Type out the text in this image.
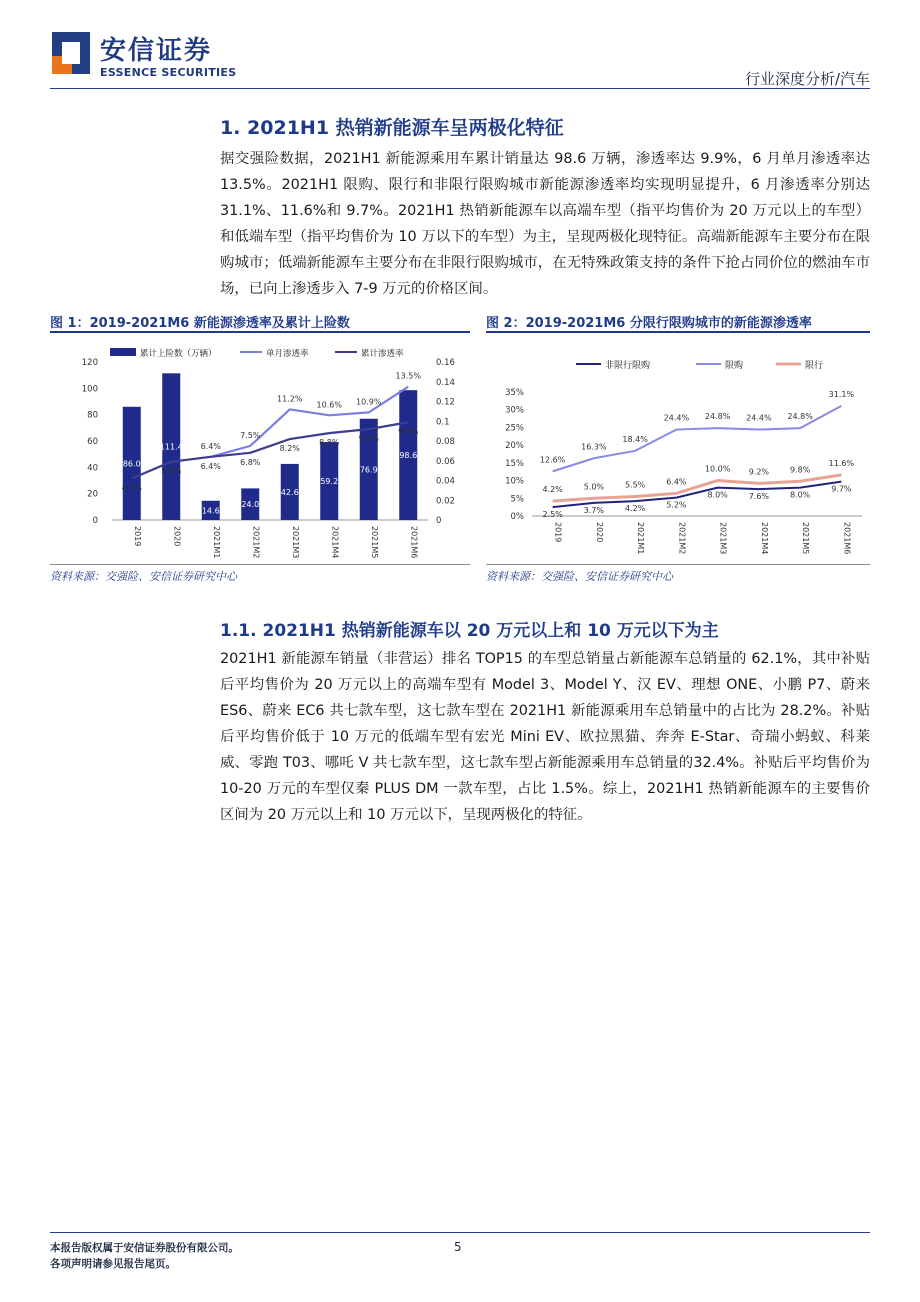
安信证券
ESSENCE SECURITIES	行业深度分析/汽车
1. 2021H1 热销新能源车呈两极化特征

据交强险数据，2021H1 新能源乘用车累计销量达 98.6 万辆，渗透率达 9.9%，6 月单月渗透率达 13.5%。2021H1 限购、限行和非限行限购城市新能源渗透率均实现明显提升，6 月渗透率分别达 31.1%、11.6%和 9.7%。2021H1 热销新能源车以高端车型（指平均售价为 20 万元以上的车型）和低端车型（指平均售价为 10 万以下的车型）为主，呈现两极化现特征。高端新能源车主要分布在限购城市；低端新能源车主要分布在非限行限购城市，在无特殊政策支持的条件下抢占同价位的燃油车市场，已向上渗透步入 7-9 万元的价格区间。

图 1：2019-2021M6 新能源渗透率及累计上险数	图 2：2019-2021M6 分限行限购城市的新能源渗透率
累计上险数（万辆）	单月渗透率	累计渗透率
0
20
40
60
80
100
120
0
0.02
0.04
0.06
0.08
0.1
0.12
0.14
0.16
86.0
111.4
14.6
24.0
42.6
59.2
76.9
98.6
6.4%
7.5%
11.2%
10.6% 10.9%
13.5%
4.2%
5.9%
6.4% 6.8%
8.2%
8.8% 9.2%
9.9%
2019	2020	2021M1	2021M2	2021M3	2021M4	2021M5	2021M6
非限行限购	限购	限行
0%
5%
10%
15%
20%
25%
30%
35%
2.5%	3.7%	4.2%	5.2%
8.0%	7.6%	8.0%
9.7%
12.6%
16.3%
18.4%
24.4% 24.8% 24.4% 24.8%
31.1%
4.2%	5.0%	5.5%	6.4%
10.0% 9.2%	9.8%
11.6%
2019	2020	2021M1	2021M2	2021M3	2021M4	2021M5	2021M6
资料来源：交强险、安信证券研究中心	资料来源：交强险、安信证券研究中心
1.1. 2021H1 热销新能源车以 20 万元以上和 10 万元以下为主

2021H1 新能源车销量（非营运）排名 TOP15 的车型总销量占新能源车总销量的 62.1%，其中补贴后平均售价为 20 万元以上的高端车型有 Model 3、Model Y、汉 EV、理想 ONE、小鹏 P7、蔚来 ES6、蔚来 EC6 共七款车型，这七款车型在 2021H1 新能源乘用车总销量中的占比为 28.2%。补贴后平均售价低于 10 万元的低端车型有宏光 Mini EV、欧拉黑猫、奔奔 E-Star、奇瑞小蚂蚁、科莱威、零跑 T03、哪吒 V 共七款车型，这七款车型占新能源乘用车总销量的32.4%。补贴后平均售价为 10-20 万元的车型仅秦 PLUS DM 一款车型，占比 1.5%。综上，2021H1 热销新能源车的主要售价区间为 20 万元以上和 10 万元以下，呈现两极化的特征。

本报告版权属于安信证券股份有限公司。
各项声明请参见报告尾页。
5
